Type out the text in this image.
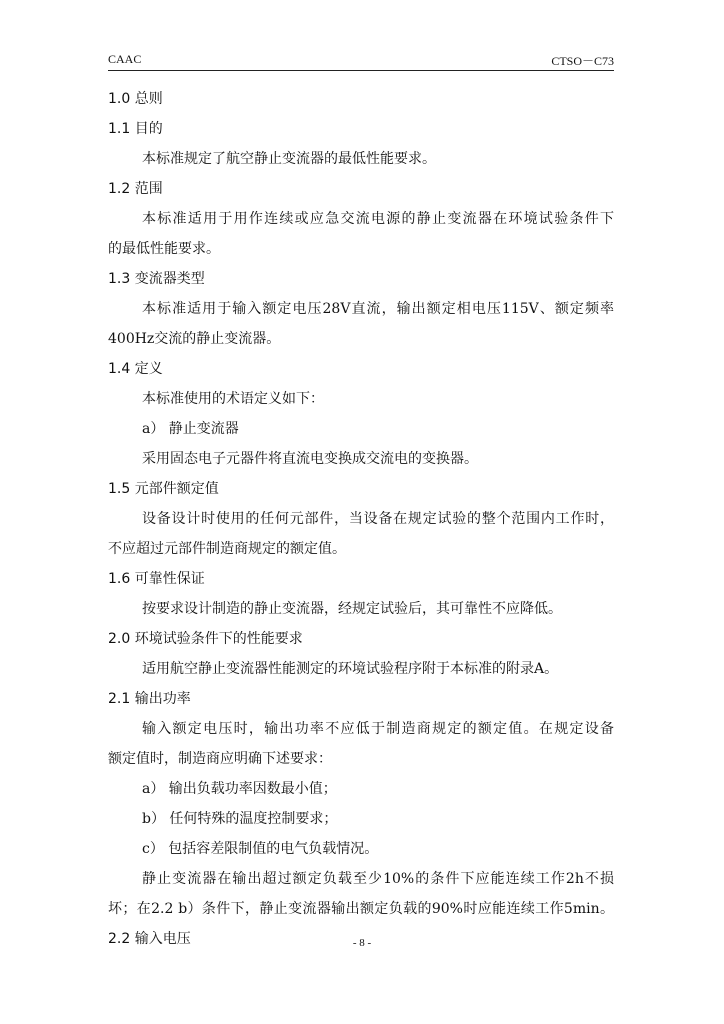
CAAC	CTSO－C73
1.0 总则
1.1 目的
本标准规定了航空静止变流器的最低性能要求。
1.2 范围
本标准适用于用作连续或应急交流电源的静止变流器在环境试验条件下
的最低性能要求。
1.3 变流器类型
本标准适用于输入额定电压28V直流，输出额定相电压115V、额定频率
400Hz交流的静止变流器。
1.4 定义
本标准使用的术语定义如下：
a） 静止变流器
采用固态电子元器件将直流电变换成交流电的变换器。
1.5 元部件额定值
设备设计时使用的任何元部件，当设备在规定试验的整个范围内工作时，
不应超过元部件制造商规定的额定值。
1.6 可靠性保证
按要求设计制造的静止变流器，经规定试验后，其可靠性不应降低。
2.0 环境试验条件下的性能要求
适用航空静止变流器性能测定的环境试验程序附于本标准的附录A。
2.1 输出功率
输入额定电压时，输出功率不应低于制造商规定的额定值。在规定设备
额定值时，制造商应明确下述要求：
a） 输出负载功率因数最小值；
b） 任何特殊的温度控制要求；
c） 包括容差限制值的电气负载情况。
静止变流器在输出超过额定负载至少10%的条件下应能连续工作2h不损
坏；在2.2 b）条件下，静止变流器输出额定负载的90%时应能连续工作5min。
2.2 输入电压	- 8 -
